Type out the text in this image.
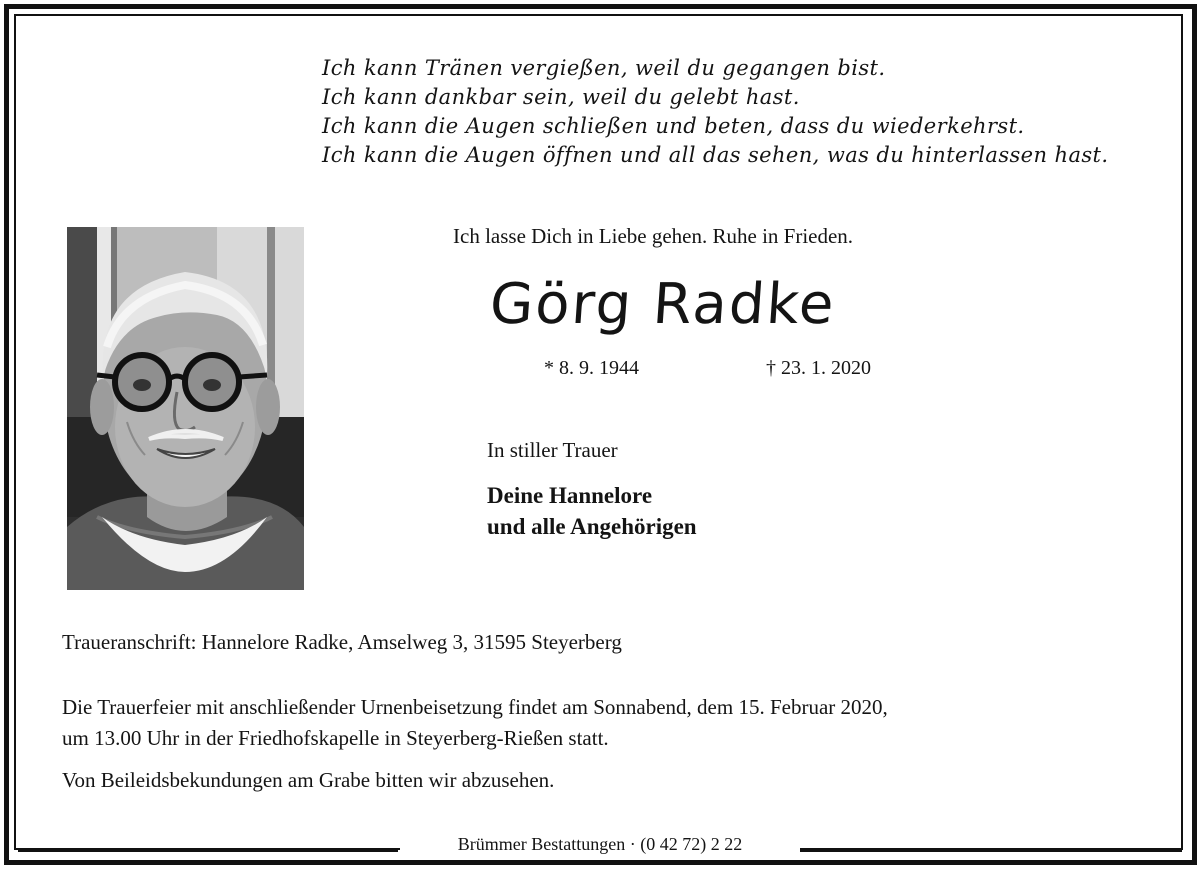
Ich kann Tränen vergießen, weil du gegangen bist.
Ich kann dankbar sein, weil du gelebt hast.
Ich kann die Augen schließen und beten, dass du wiederkehrst.
Ich kann die Augen öffnen und all das sehen, was du hinterlassen hast.
Ich lasse Dich in Liebe gehen. Ruhe in Frieden.
Görg Radke
* 8. 9. 1944	† 23. 1. 2020
In stiller Trauer
Deine Hannelore
und alle Angehörigen
Traueranschrift: Hannelore Radke, Amselweg 3, 31595 Steyerberg
Die Trauerfeier mit anschließender Urnenbeisetzung findet am Sonnabend, dem 15. Februar 2020,
um 13.00 Uhr in der Friedhofskapelle in Steyerberg-Rießen statt.
Von Beileidsbekundungen am Grabe bitten wir abzusehen.
Brümmer Bestattungen · (0 42 72) 2 22
